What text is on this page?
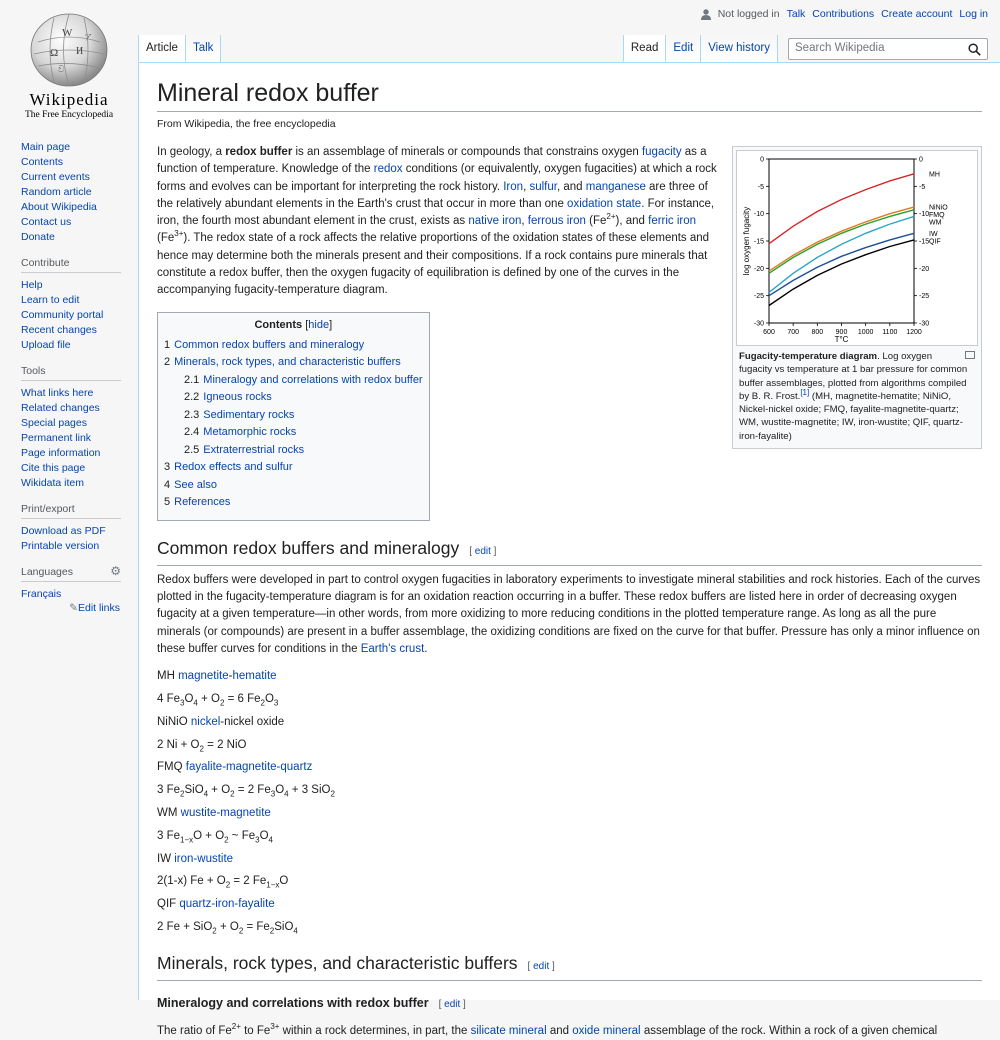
W
Ω И
ア
ව
Wikipedia
The Free Encyclopedia
Main page
Contents
Current events
Random article
About Wikipedia
Contact us
Donate
Contribute
Help
Learn to edit
Community portal
Recent changes
Upload file
Tools
What links here
Related changes
Special pages
Permanent link
Page information
Cite this page
Wikidata item
Print/export
Download as PDF
Printable version
Languages	⚙
Français
✎Edit links
Not logged in Talk Contributions Create account Log in
Article	Talk	Read	Edit	View history	Search Wikipedia
Mineral redox buffer
From Wikipedia, the free encyclopedia
0	0
-5	-5
-10	-10
-15	-15
-20	-20
-25	-25
-30	-30
600 700 800 900 1000 1100 1200
T°C
log oxygen fugacity
MH
NiNiO
FMQ
WM
IW
QIF
Fugacity-temperature diagram. Log oxygen fugacity vs temperature at 1 bar pressure for common buffer assemblages, plotted from algorithms compiled by B. R. Frost.[1] (MH, magnetite-hematite; NiNiO, Nickel-nickel oxide; FMQ, fayalite-magnetite-quartz; WM, wustite-magnetite; IW, iron-wustite; QIF, quartz-iron-fayalite)

In geology, a redox buffer is an assemblage of minerals or compounds that constrains oxygen fugacity as a function of temperature. Knowledge of the redox conditions (or equivalently, oxygen fugacities) at which a rock forms and evolves can be important for interpreting the rock history. Iron, sulfur, and manganese are three of the relatively abundant elements in the Earth's crust that occur in more than one oxidation state. For instance, iron, the fourth most abundant element in the crust, exists as native iron, ferrous iron $(Fe^{2+})$, and ferric iron $(Fe^{3+})$. The redox state of a rock affects the relative proportions of the oxidation states of these elements and hence may determine both the minerals present and their compositions. If a rock contains pure minerals that constitute a redox buffer, then the oxygen fugacity of equilibration is defined by one of the curves in the accompanying fugacity-temperature diagram.

Contents [hide]
1 Common redox buffers and mineralogy
2 Minerals, rock types, and characteristic buffers
2.1 Mineralogy and correlations with redox buffer
2.2 Igneous rocks
2.3 Sedimentary rocks
2.4 Metamorphic rocks
2.5 Extraterrestrial rocks
3 Redox effects and sulfur
4 See also
5 References
Common redox buffers and mineralogy [ edit ]

Redox buffers were developed in part to control oxygen fugacities in laboratory experiments to investigate mineral stabilities and rock histories. Each of the curves plotted in the fugacity-temperature diagram is for an oxidation reaction occurring in a buffer. These redox buffers are listed here in order of decreasing oxygen fugacity at a given temperature—in other words, from more oxidizing to more reducing conditions in the plotted temperature range. As long as all the pure minerals (or compounds) are present in a buffer assemblage, the oxidizing conditions are fixed on the curve for that buffer. Pressure has only a minor influence on these buffer curves for conditions in the Earth's crust.

MH magnetite-hematite
4 $Fe_3O_4 + O_2 = 6$ $Fe_2O_3$
NiNiO nickel-nickel oxide
2 $Ni + O_2 = 2$ NiO
FMQ fayalite-magnetite-quartz
3 $Fe_2SiO_4 + O_2 = 2$ $Fe_3O_4 + 3$ SiO$_2$
WM wustite-magnetite
3 $Fe_{1-x}O + O_2$ ~ $Fe_3O_4$
IW iron-wustite
2(1-x) $Fe + O_2 = 2$ $Fe_{1-x}O$
QIF quartz-iron-fayalite
2 $Fe + SiO_2 + O_2 = Fe_2SiO_4$
Minerals, rock types, and characteristic buffers [ edit ]
Mineralogy and correlations with redox buffer [ edit ]

The ratio of $Fe^{2+}$ to $Fe^{3+}$ within a rock determines, in part, the silicate mineral and oxide mineral assemblage of the rock. Within a rock of a given chemical
